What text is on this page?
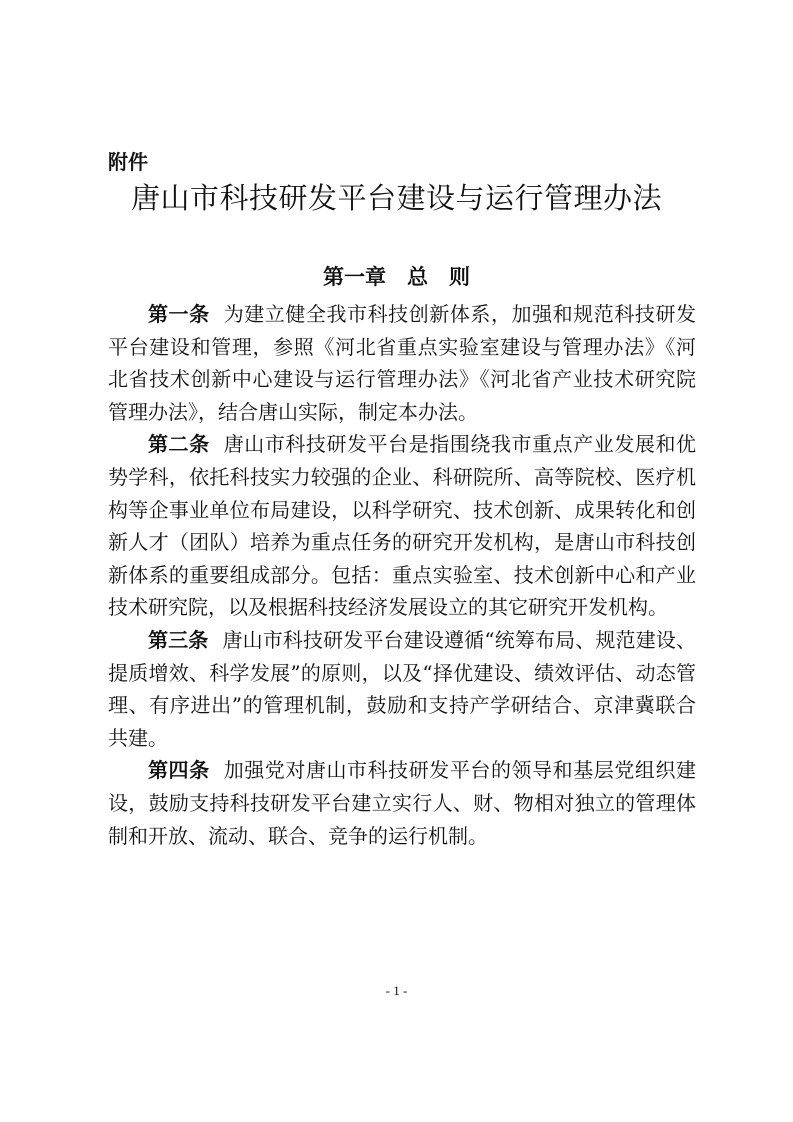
附件
唐山市科技研发平台建设与运行管理办法
第一章　总　则

第一条 为建立健全我市科技创新体系，加强和规范科技研发平台建设和管理，参照《河北省重点实验室建设与管理办法》《河北省技术创新中心建设与运行管理办法》《河北省产业技术研究院管理办法》，结合唐山实际，制定本办法。

第二条 唐山市科技研发平台是指围绕我市重点产业发展和优势学科，依托科技实力较强的企业、科研院所、高等院校、医疗机构等企事业单位布局建设，以科学研究、技术创新、成果转化和创新人才（团队）培养为重点任务的研究开发机构，是唐山市科技创新体系的重要组成部分。包括：重点实验室、技术创新中心和产业技术研究院，以及根据科技经济发展设立的其它研究开发机构。

第三条 唐山市科技研发平台建设遵循“统筹布局、规范建设、提质增效、科学发展”的原则，以及“择优建设、绩效评估、动态管理、有序进出”的管理机制，鼓励和支持产学研结合、京津冀联合共建。

第四条 加强党对唐山市科技研发平台的领导和基层党组织建设，鼓励支持科技研发平台建立实行人、财、物相对独立的管理体制和开放、流动、联合、竞争的运行机制。

- 1 -
